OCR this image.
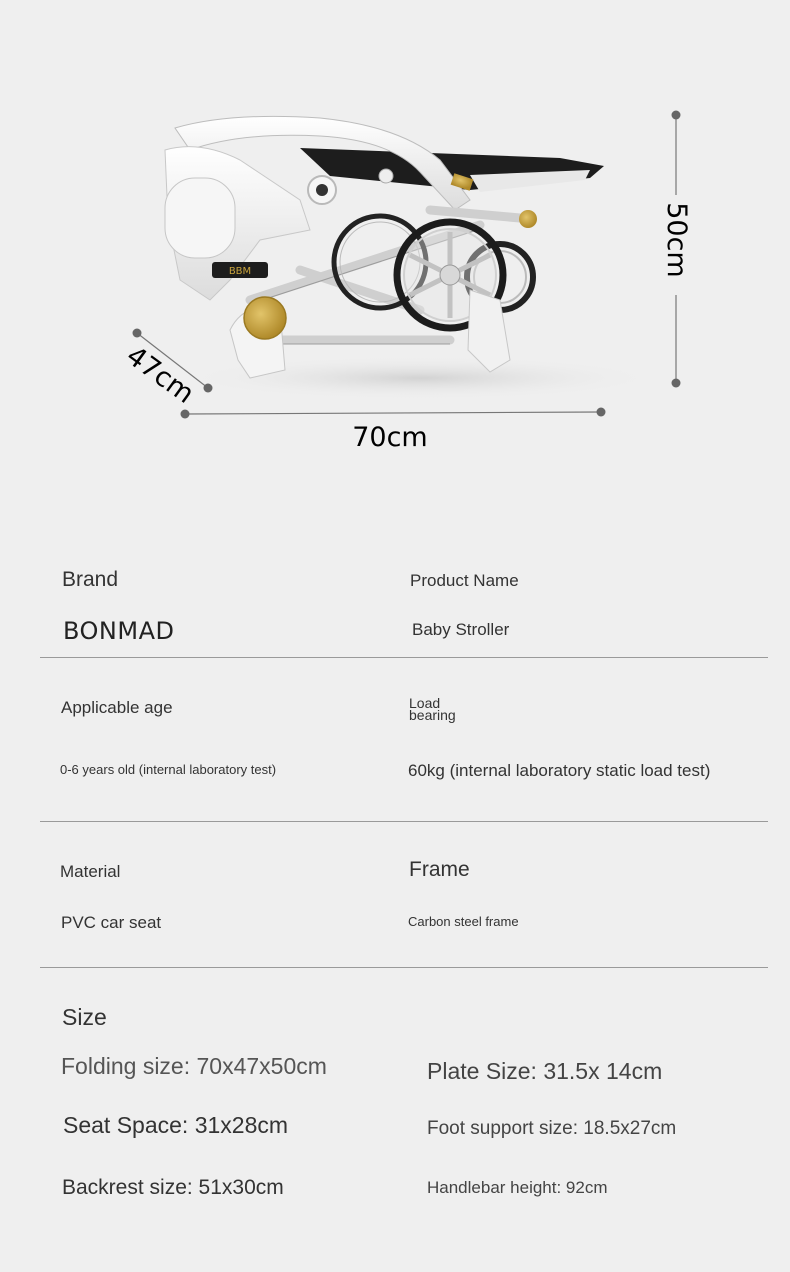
BBM	50cm
47cm
70cm
Brand	Product Name
BONMAD	Baby Stroller
Applicable age	Load
bearing
0-6 years old (internal laboratory test)	60kg (internal laboratory static load test)
Material	Frame
PVC car seat	Carbon steel frame
Size
Folding size: 70x47x50cm	Plate Size: 31.5x 14cm
Seat Space: 31x28cm	Foot support size: 18.5x27cm
Backrest size: 51x30cm	Handlebar height: 92cm
